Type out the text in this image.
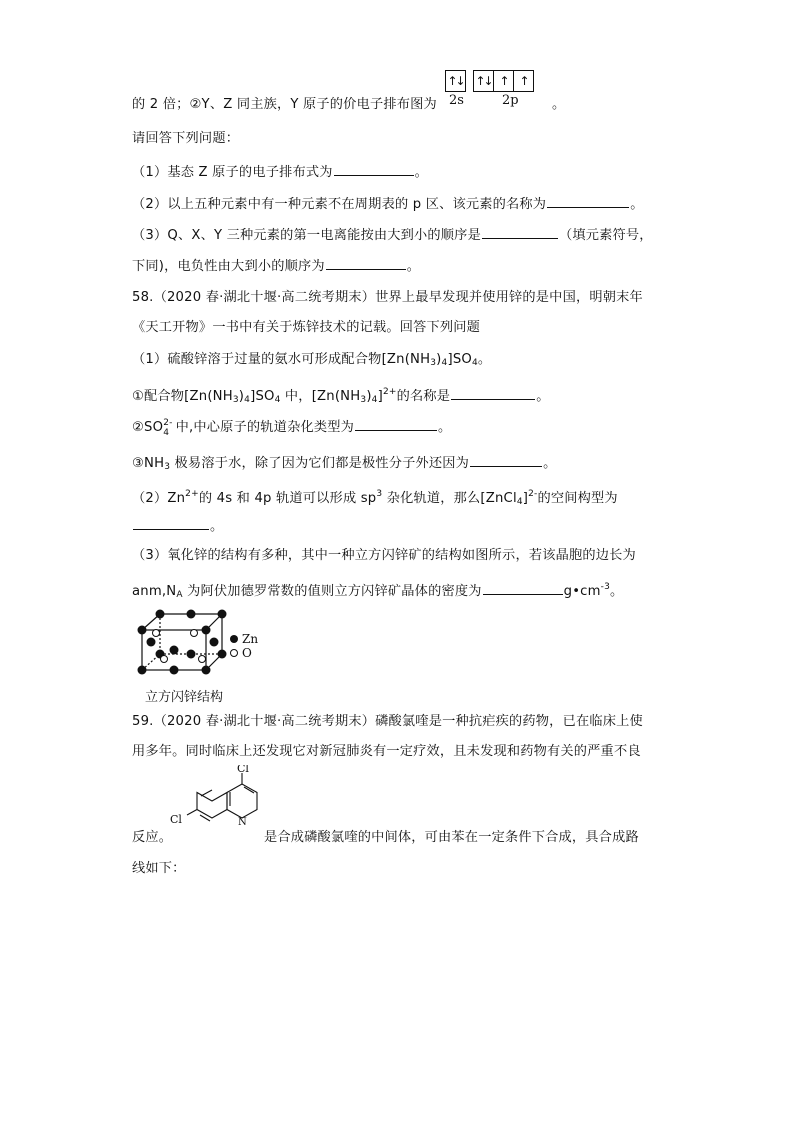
的 2 倍；②Y、Z 同主族，Y 原子的价电子排布图为
↑↓ ↑↓ ↑ ↑
2s	2p	。
请回答下列问题：
（1）基态 Z 原子的电子排布式为	。
（2）以上五种元素中有一种元素不在周期表的 p 区、该元素的名称为	。
（3）Q、X、Y 三种元素的第一电离能按由大到小的顺序是	（填元素符号，
下同)，电负性由大到小的顺序为	。
58.（2020 春·湖北十堰·高二统考期末）世界上最早发现并使用锌的是中国，明朝末年
《天工开物》一书中有关于炼锌技术的记载。回答下列问题
（1）硫酸锌溶于过量的氨水可形成配合物$[Zn(NH_3)_4]SO_4$。
①配合物$[Zn(NH_3)_4]SO_4$ 中，$[Zn(NH_3)_4]^{2+}$的名称是	。
②SO 2-
4 中,中心原子的轨道杂化类型为	。
$③NH_3$ 极易溶于水，除了因为它们都是极性分子外还因为	。
$(2)Zn^{2+}$的 4s 和 4p 轨道可以形成 $sp^3$ 杂化轨道，那么[ZnCl$_4$]$^{2-}$的空间构型为
。
（3）氧化锌的结构有多种，其中一种立方闪锌矿的结构如图所示，若该晶胞的边长为
$anm,N_A$ 为阿伏加德罗常数的值则立方闪锌矿晶体的密度为	$g•cm^{-3}$。
Zn
O
立方闪锌结构
59.（2020 春·湖北十堰·高二统考期末）磷酸氯喹是一种抗疟疾的药物，已在临床上使
用多年。同时临床上还发现它对新冠肺炎有一定疗效，且未发现和药物有关的严重不良
反应。
Cl
Cl	N
是合成磷酸氯喹的中间体，可由苯在一定条件下合成，具合成路
线如下：
